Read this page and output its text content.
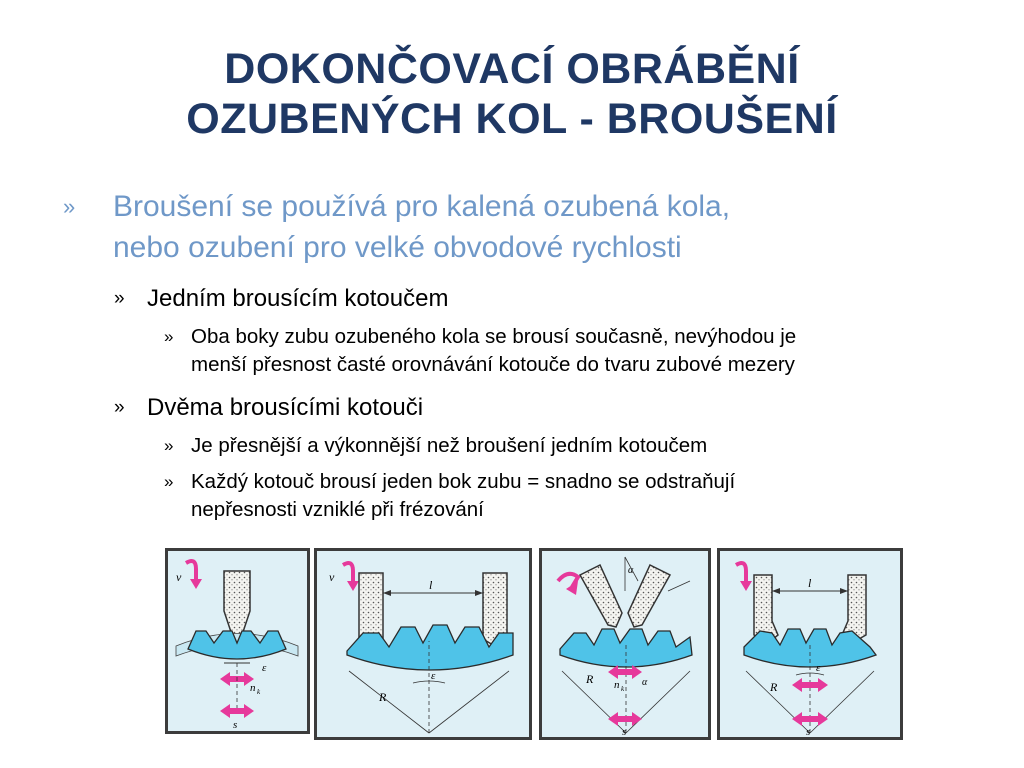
DOKONČOVACÍ OBRÁBĚNÍ
OZUBENÝCH KOL - BROUŠENÍ
» Broušení se používá pro kalená ozubená kola,
nebo ozubení pro velké obvodové rychlosti
» Jedním brousícím kotoučem
» Oba boky zubu ozubeného kola se brousí současně, nevýhodou je
menší přesnost časté orovnávání kotouče do tvaru zubové mezery
» Dvěma brousícími kotouči
» Je přesnější a výkonnější než broušení jedním kotoučem
» Každý kotouč brousí jeden bok zubu = snadno se odstraňují
nepřesnosti vzniklé při frézování
v
ε
n k
s
v
l
ε
R
α
R n k
α
s
l
ε
R
s
